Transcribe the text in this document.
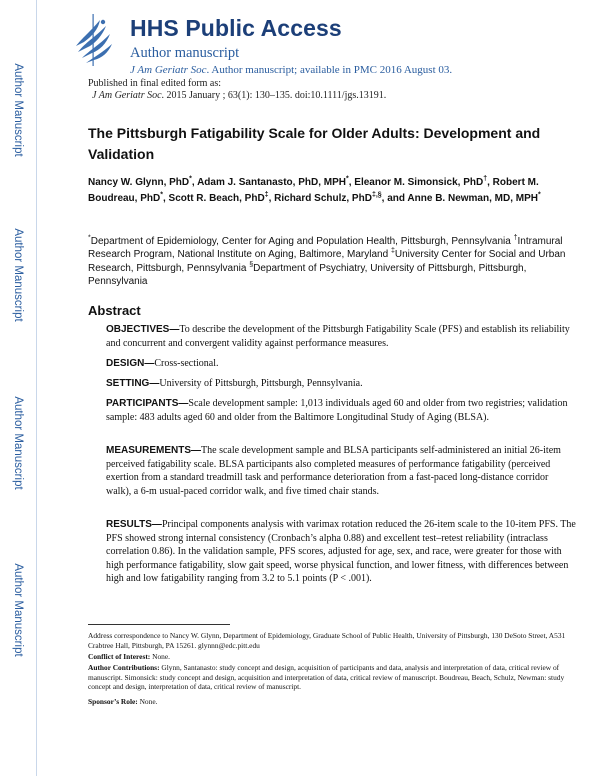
Author Manuscript
Author Manuscript
Author Manuscript
Author Manuscript
HHS Public Access
Author manuscript
J Am Geriatr Soc. Author manuscript; available in PMC 2016 August 03.
Published in final edited form as:
J Am Geriatr Soc. 2015 January ; 63(1): 130–135. doi:10.1111/jgs.13191.
The Pittsburgh Fatigability Scale for Older Adults: Development and Validation
Nancy W. Glynn, PhD*, Adam J. Santanasto, PhD, MPH*, Eleanor M. Simonsick, PhD†, Robert M. Boudreau, PhD*, Scott R. Beach, PhD‡, Richard Schulz, PhD‡,§, and Anne B. Newman, MD, MPH*
*Department of Epidemiology, Center for Aging and Population Health, Pittsburgh, Pennsylvania †Intramural Research Program, National Institute on Aging, Baltimore, Maryland ‡University Center for Social and Urban Research, Pittsburgh, Pennsylvania §Department of Psychiatry, University of Pittsburgh, Pittsburgh, Pennsylvania
Abstract
OBJECTIVES—To describe the development of the Pittsburgh Fatigability Scale (PFS) and establish its reliability and concurrent and convergent validity against performance measures.
DESIGN—Cross-sectional.
SETTING—University of Pittsburgh, Pittsburgh, Pennsylvania.
PARTICIPANTS—Scale development sample: 1,013 individuals aged 60 and older from two registries; validation sample: 483 adults aged 60 and older from the Baltimore Longitudinal Study of Aging (BLSA).
MEASUREMENTS—The scale development sample and BLSA participants self-administered an initial 26-item perceived fatigability scale. BLSA participants also completed measures of performance fatigability (perceived exertion from a standard treadmill task and performance deterioration from a fast-paced long-distance corridor walk), a 6-m usual-paced corridor walk, and five timed chair stands.
RESULTS—Principal components analysis with varimax rotation reduced the 26-item scale to the 10-item PFS. The PFS showed strong internal consistency (Cronbach’s alpha 0.88) and excellent test–retest reliability (intraclass correlation 0.86). In the validation sample, PFS scores, adjusted for age, sex, and race, were greater for those with high performance fatigability, slow gait speed, worse physical function, and lower fitness, with differences between high and low fatigability ranging from 3.2 to 5.1 points (P < .001).
Address correspondence to Nancy W. Glynn, Department of Epidemiology, Graduate School of Public Health, University of Pittsburgh, 130 DeSoto Street, A531 Crabtree Hall, Pittsburgh, PA 15261. glynnn@edc.pitt.edu
Conflict of Interest: None.
Author Contributions: Glynn, Santanasto: study concept and design, acquisition of participants and data, analysis and interpretation of data, critical review of manuscript. Simonsick: study concept and design, acquisition and interpretation of data, critical review of manuscript. Boudreau, Beach, Schulz, Newman: study concept and design, interpretation of data, critical review of manuscript.
Sponsor’s Role: None.
